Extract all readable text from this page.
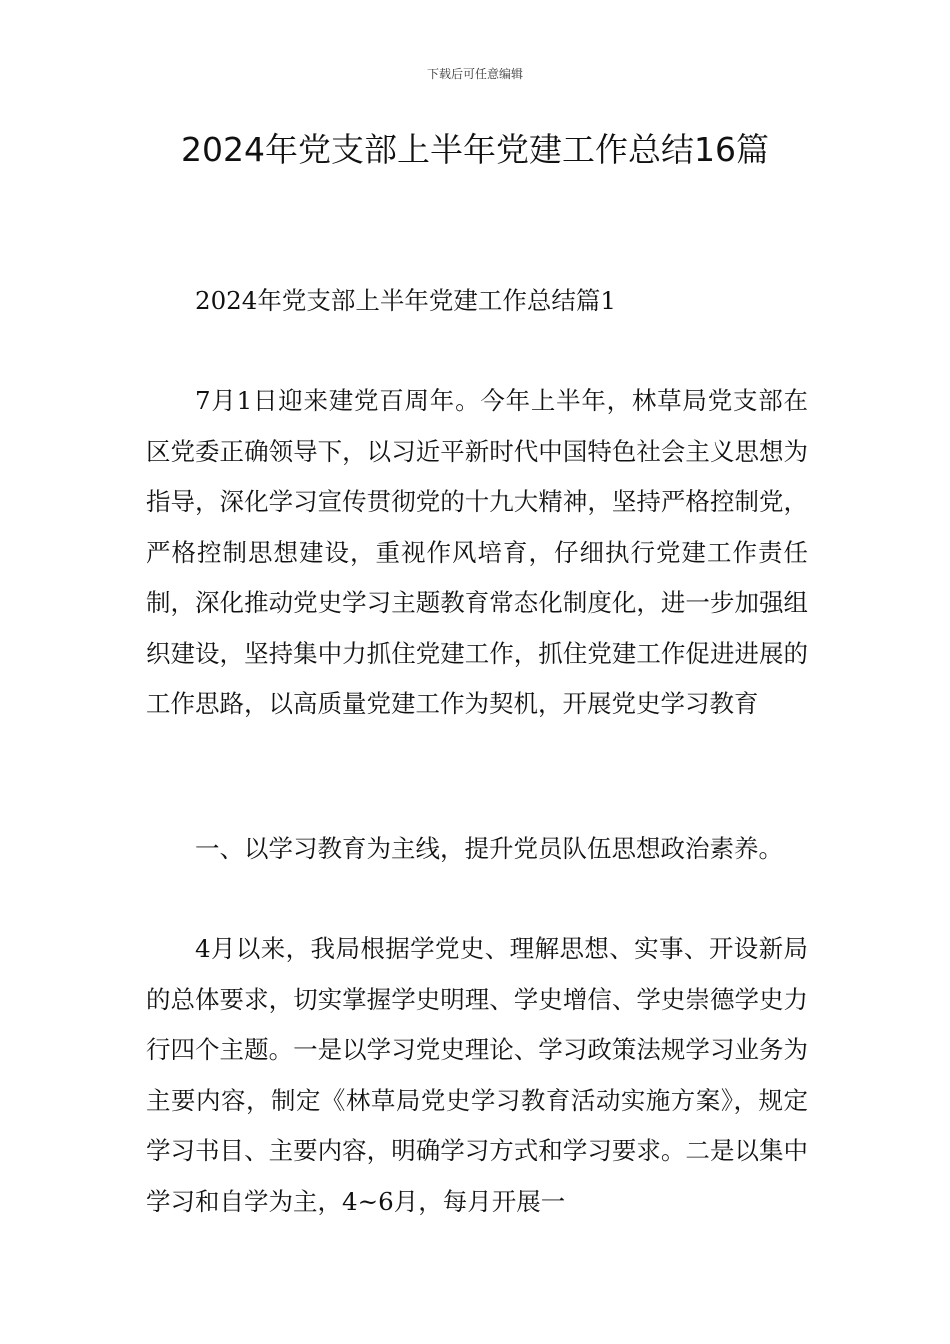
下载后可任意编辑
2024年党支部上半年党建工作总结16篇

2024年党支部上半年党建工作总结篇1

7月1日迎来建党百周年。今年上半年，林草局党支部在区党委正确领导下，以习近平新时代中国特色社会主义思想为指导，深化学习宣传贯彻党的十九大精神，坚持严格控制党，严格控制思想建设，重视作风培育，仔细执行党建工作责任制，深化推动党史学习主题教育常态化制度化，进一步加强组织建设，坚持集中力抓住党建工作，抓住党建工作促进进展的工作思路，以高质量党建工作为契机，开展党史学习教育

一、以学习教育为主线，提升党员队伍思想政治素养。

4月以来，我局根据学党史、理解思想、实事、开设新局的总体要求，切实掌握学史明理、学史增信、学史崇德学史力行四个主题。一是以学习党史理论、学习政策法规学习业务为主要内容，制定《林草局党史学习教育活动实施方案》，规定学习书目、主要内容，明确学习方式和学习要求。二是以集中学习和自学为主，4~6月，每月开展一
